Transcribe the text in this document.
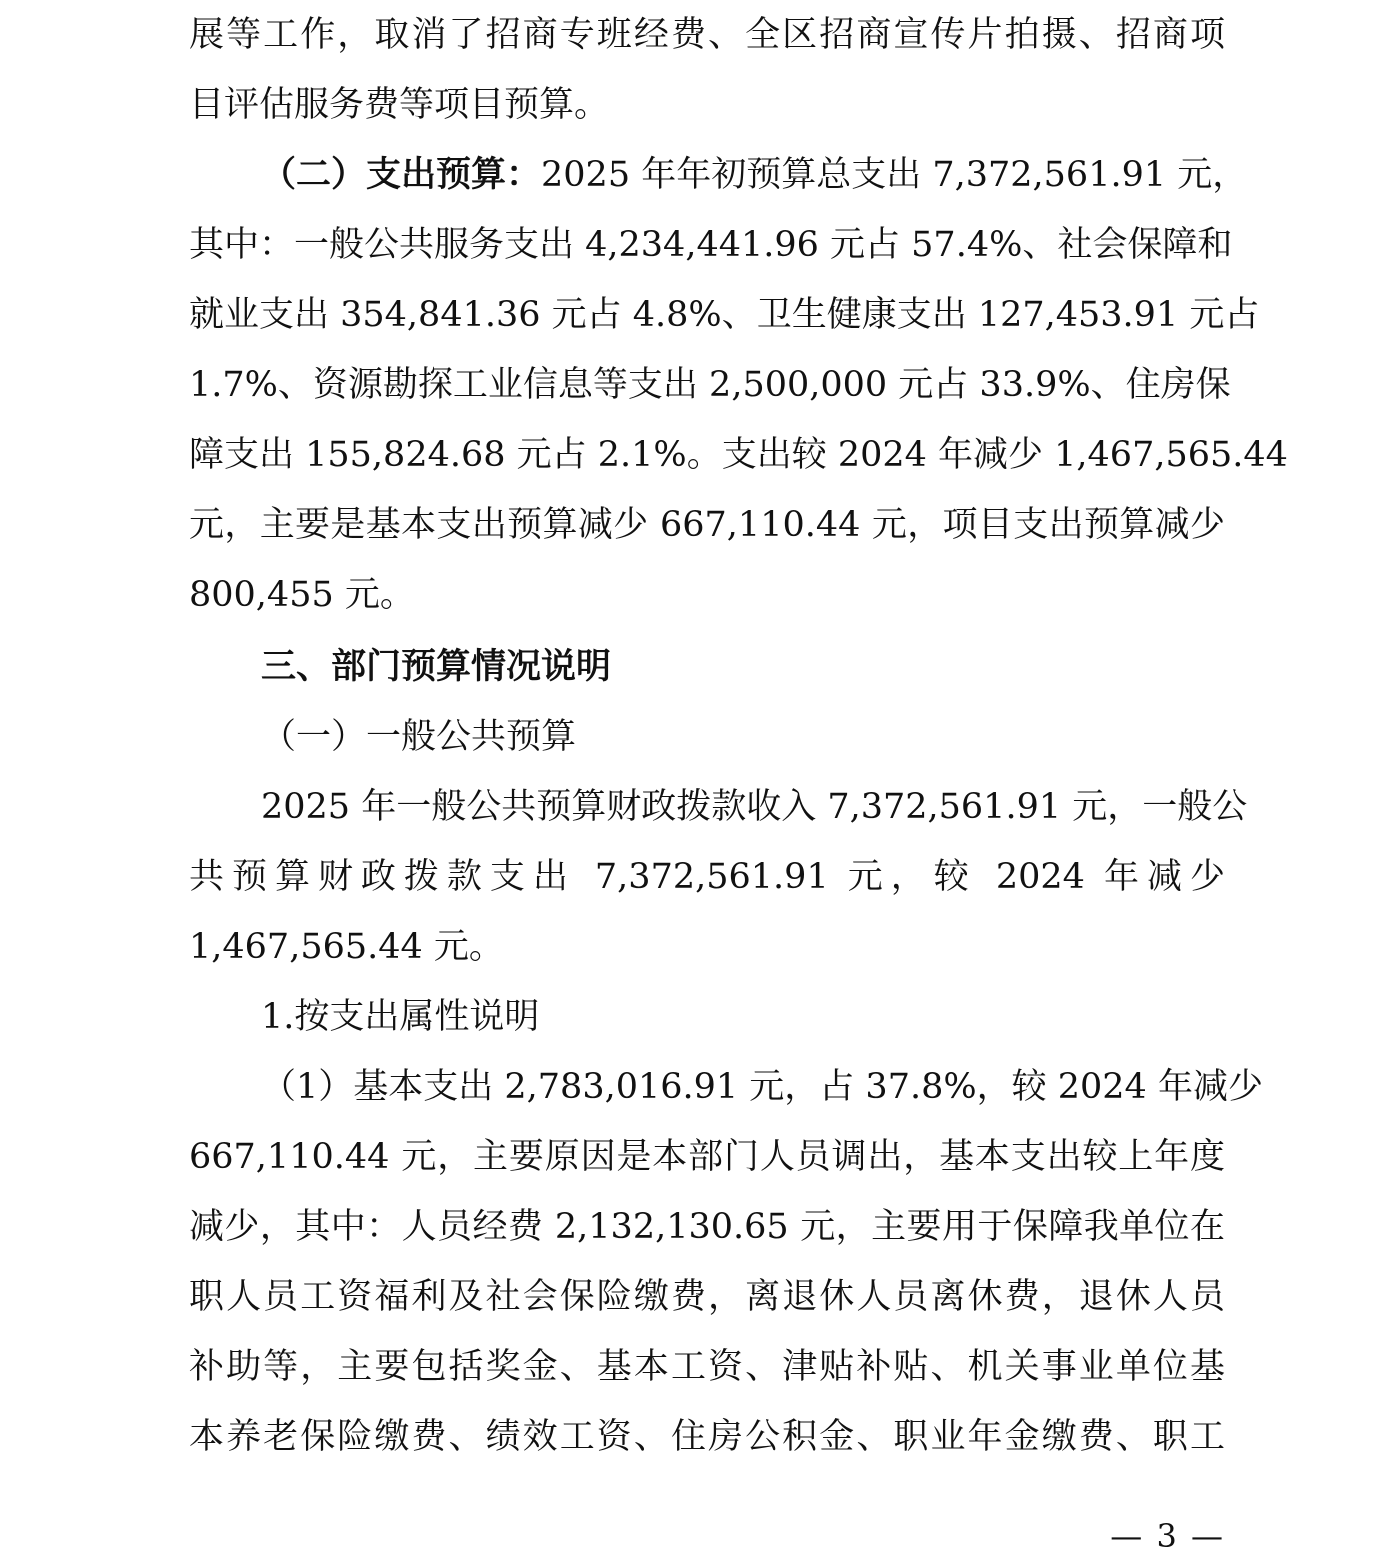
展等工作，取消了招商专班经费、全区招商宣传片拍摄、招商项
目评估服务费等项目预算。
（二）支出预算：2025 年年初预算总支出 7,372,561.91 元，
其中：一般公共服务支出 4,234,441.96 元占 57.4%、社会保障和
就业支出 354,841.36 元占 4.8%、卫生健康支出 127,453.91 元占
1.7%、资源勘探工业信息等支出 2,500,000 元占 33.9%、住房保
障支出 155,824.68 元占 2.1%。支出较 2024 年减少 1,467,565.44
元，主要是基本支出预算减少 667,110.44 元，项目支出预算减少
800,455 元。
三、部门预算情况说明
（一）一般公共预算
2025 年一般公共预算财政拨款收入 7,372,561.91 元，一般公
共预算财政拨款支出 7,372,561.91 元，较 2024 年减少
1,467,565.44 元。
1.按支出属性说明
（1）基本支出 2,783,016.91 元，占 37.8%，较 2024 年减少
667,110.44 元，主要原因是本部门人员调出，基本支出较上年度
减少，其中：人员经费 2,132,130.65 元，主要用于保障我单位在
职人员工资福利及社会保险缴费，离退休人员离休费，退休人员
补助等，主要包括奖金、基本工资、津贴补贴、机关事业单位基
本养老保险缴费、绩效工资、住房公积金、职业年金缴费、职工
— 3 —
